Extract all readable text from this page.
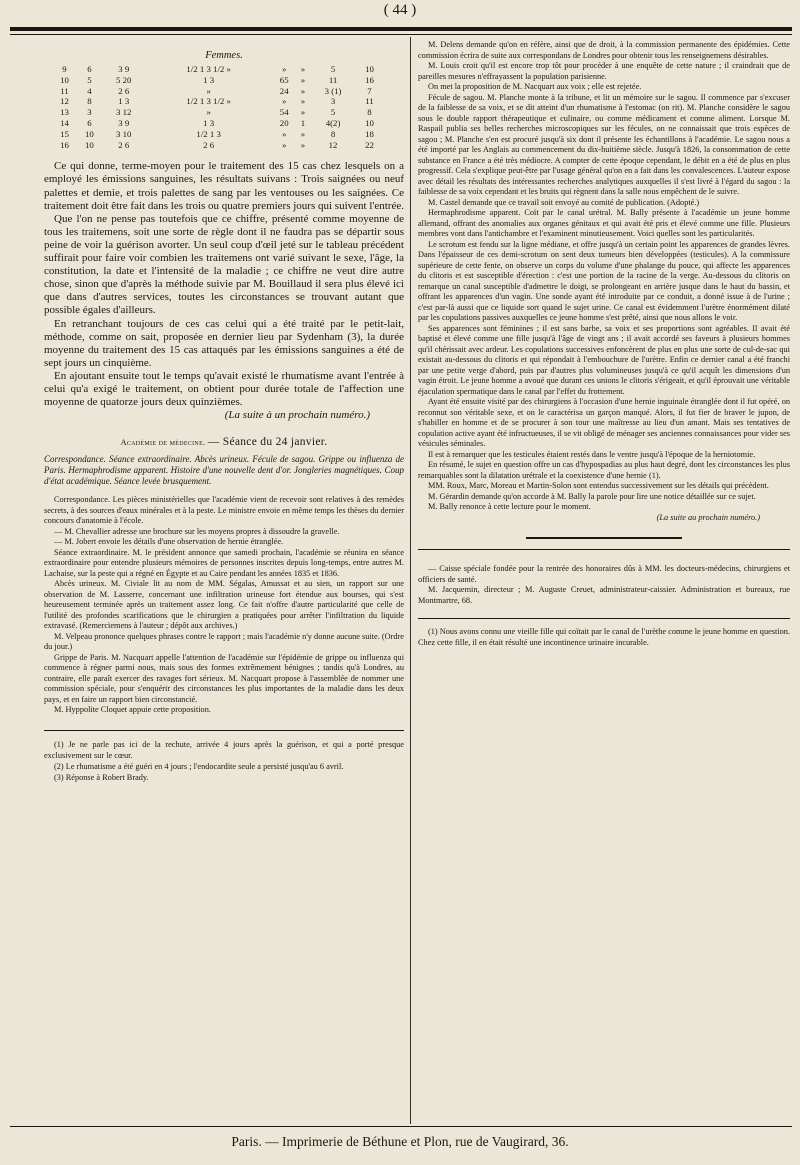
( 44 )
Femmes.
9	6	3 9	1/2 1 3 1/2 »	»	»	5	10
10	5	5 20	1 3	65	»	11	16
11	4	2 6	»	24	»	3 (1)	7
12	8	1 3	1/2 1 3 1/2 »	»	»	3	11
13	3	3 12	»	54	»	5	8
14	6	3 9	1 3	20	1	4(2)	10
15	10	3 10	1/2 1 3	»	»	8	18
16	10	2 6	2 6	»	»	12	22

Ce qui donne, terme-moyen pour le traitement des 15 cas chez lesquels on a employé les émissions sanguines, les résultats suivans : Trois saignées ou neuf palettes et demie, et trois palettes de sang par les ventouses ou les saignées. Ce traitement doit être fait dans les trois ou quatre premiers jours qui suivent l'entrée.

Que l'on ne pense pas toutefois que ce chiffre, présenté comme moyenne de tous les traitemens, soit une sorte de règle dont il ne faudra pas se départir sous peine de voir la guérison avorter. Un seul coup d'œil jeté sur le tableau précédent suffirait pour faire voir combien les traitemens ont varié suivant le sexe, l'âge, la constitution, la date et l'intensité de la maladie ; ce chiffre ne veut dire autre chose, sinon que d'après la méthode suivie par M. Bouillaud il sera plus élevé ici que dans d'autres services, toutes les circonstances se trouvant autant que possible égales d'ailleurs.

En retranchant toujours de ces cas celui qui a été traité par le petit-lait, méthode, comme on sait, proposée en dernier lieu par Sydenham (3), la durée moyenne du traitement des 15 cas attaqués par les émissions sanguines a été de sept jours un cinquième.

En ajoutant ensuite tout le temps qu'avait existé le rhumatisme avant l'entrée à celui qu'a exigé le traitement, on obtient pour durée totale de l'affection une moyenne de quatorze jours deux quinzièmes.

(La suite à un prochain numéro.)

Académie de médecine. — Séance du 24 janvier.

Correspondance. Séance extraordinaire. Abcès urineux. Fécule de sagou. Grippe ou influenza de Paris. Hermaphrodisme apparent. Histoire d'une nouvelle dent d'or. Jongleries magnétiques. Coup d'état académique. Séance levée brusquement.

Correspondance. Les pièces ministérielles que l'académie vient de recevoir sont relatives à des remèdes secrets, à des sources d'eaux minérales et à la peste. Le ministre envoie en même temps les thèses du dernier concours d'anatomie à l'école.

— M. Chevallier adresse une brochure sur les moyens propres à dissoudre la gravelle.

— M. Jobert envoie les détails d'une observation de hernie étranglée.

Séance extraordinaire. M. le président annonce que samedi prochain, l'académie se réunira en séance extraordinaire pour entendre plusieurs mémoires de personnes inscrites depuis long-temps, entre autres M. Lachaise, sur la peste qui a régné en Égypte et au Caire pendant les années 1835 et 1836.

Abcès urineux. M. Civiale lit au nom de MM. Ségalas, Amussat et au sien, un rapport sur une observation de M. Lasserre, concernant une infiltration urineuse fort étendue aux bourses, qui s'est heureusement terminée après un traitement assez long. Ce fait n'offre d'autre particularité que celle de l'utilité des profondes scarifications que le chirurgien a pratiquées pour arrêter l'infiltration du liquide extravasé. (Remerciemens à l'auteur ; dépôt aux archives.)

M. Velpeau prononce quelques phrases contre le rapport ; mais l'académie n'y donne aucune suite. (Ordre du jour.)

Grippe de Paris. M. Nacquart appelle l'attention de l'académie sur l'épidémie de grippe ou influenza qui commence à régner parmi nous, mais sous des formes extrêmement bénignes ; tandis qu'à Londres, au contraire, elle paraît exercer des ravages fort sérieux. M. Nacquart propose à l'assemblée de nommer une commission spéciale, pour s'enquérir des circonstances les plus importantes de la maladie dans les deux pays, et en faire un rapport bien circonstancié.

M. Hyppolite Cloquet appuie cette proposition.

(1) Je ne parle pas ici de la rechute, arrivée 4 jours après la guérison, et qui a porté presque exclusivement sur le cœur.

(2) Le rhumatisme a été guéri en 4 jours ; l'endocardite seule a persisté jusqu'au 6 avril.

(3) Réponse à Robert Brady.

M. Delens demande qu'on en réfère, ainsi que de droit, à la commission permanente des épidémies. Cette commission écrira de suite aux correspondans de Londres pour obtenir tous les renseignemens désirables.

M. Louis croit qu'il est encore trop tôt pour procéder à une enquête de cette nature ; il craindrait que de pareilles mesures n'effrayassent la population parisienne.

On met la proposition de M. Nacquart aux voix ; elle est rejetée.

Fécule de sagou. M. Planche monte à la tribune, et lit un mémoire sur le sagou. Il commence par s'excuser de la faiblesse de sa voix, et se dit atteint d'un rhumatisme à l'estomac (on rit). M. Planche considère le sagou sous le double rapport thérapeutique et culinaire, ou comme médicament et comme aliment. Lorsque M. Raspail publia ses belles recherches microscopiques sur les fécules, on ne connaissait que trois espèces de sagou ; M. Planche s'en est procuré jusqu'à six dont il présente les échantillons à l'académie. Le sagou nous a été importé par les Anglais au commencement du dix-huitième siècle. Jusqu'à 1826, la consommation de cette substance en France a été très médiocre. A compter de cette époque cependant, le débit en a été de plus en plus progressif. Cela s'explique peut-être par l'usage général qu'on en a fait dans les convalescences. L'auteur expose avec détail les résultats des intéressantes recherches analytiques auxquelles il s'est livré à l'égard du sagou : la faiblesse de sa voix cependant et les bruits qui règnent dans la salle nous empêchent de le suivre.

M. Castel demande que ce travail soit envoyé au comité de publication. (Adopté.)

Hermaphrodisme apparent. Coït par le canal urétral. M. Bally présente à l'académie un jeune homme allemand, offrant des anomalies aux organes génitaux et qui avait été pris et élevé comme une fille. Plusieurs membres vont dans l'antichambre et l'examinent minutieusement. Voici quelles sont les particularités.

Le scrotum est fendu sur la ligne médiane, et offre jusqu'à un certain point les apparences de grandes lèvres. Dans l'épaisseur de ces demi-scrotum on sent deux tumeurs bien développées (testicules). A la commissure supérieure de cette fente, on observe un corps du volume d'une phalange du pouce, qui affecte les apparences du clitoris et est susceptible d'érection : c'est une portion de la racine de la verge. Au-dessous du clitoris on remarque un canal susceptible d'admettre le doigt, se prolongeant en arrière jusque dans le haut du bassin, et offrant les apparences d'un vagin. Une sonde ayant été introduite par ce conduit, a donné issue à de l'urine ; c'est par-là aussi que ce liquide sort quand le sujet urine. Ce canal est évidemment l'urètre énormément dilaté par les copulations passives auxquelles ce jeune homme s'est prêté, ainsi que nous allons le voir.

Ses apparences sont féminines ; il est sans barbe, sa voix et ses proportions sont agréables. Il avait été baptisé et élevé comme une fille jusqu'à l'âge de vingt ans ; il avait accordé ses faveurs à plusieurs hommes qu'il chérissait avec ardeur. Les copulations successives enfoncèrent de plus en plus une sorte de cul-de-sac qui existait au-dessous du clitoris et qui répondait à l'embouchure de l'urètre. Enfin ce dernier canal a été franchi par une petite verge d'abord, puis par d'autres plus volumineuses jusqu'à ce qu'il acquît les dimensions d'un vagin étroit. Le jeune homme a avoué que durant ces unions le clitoris s'érigeait, et qu'il éprouvait une véritable éjaculation spermatique dans le canal par l'effet du frottement.

Ayant été ensuite visité par des chirurgiens à l'occasion d'une hernie inguinale étranglée dont il fut opéré, on reconnut son véritable sexe, et on le caractérisa un garçon manqué. Alors, il fut fier de braver le jupon, de s'habiller en homme et de se procurer à son tour une maîtresse au lieu d'un amant. Mais ses tentatives de copulation active ayant été infructueuses, il se vit obligé de ménager ses anciennes connaissances pour vider ses vésicules séminales.

Il est à remarquer que les testicules étaient restés dans le ventre jusqu'à l'époque de la herniotomie.

En résumé, le sujet en question offre un cas d'hypospadias au plus haut degré, dont les circonstances les plus remarquables sont la dilatation urétrale et la coexistence d'une hernie (1).

MM. Roux, Marc, Moreau et Martin-Solon sont entendus successivement sur les détails qui précèdent.

M. Gérardin demande qu'on accorde à M. Bally la parole pour lire une notice détaillée sur ce sujet.

M. Bally renonce à cette lecture pour le moment.

(La suite au prochain numéro.)

— Caisse spéciale fondée pour la rentrée des honoraires dûs à MM. les docteurs-médecins, chirurgiens et officiers de santé.

M. Jacquemin, directeur ; M. Auguste Creuet, administrateur-caissier. Administration et bureaux, rue Montmartre, 68.

(1) Nous avons connu une vieille fille qui coïtait par le canal de l'urèthe comme le jeune homme en question. Chez cette fille, il en était résulté une incontinence urinaire incurable.

Paris. — Imprimerie de Béthune et Plon, rue de Vaugirard, 36.
